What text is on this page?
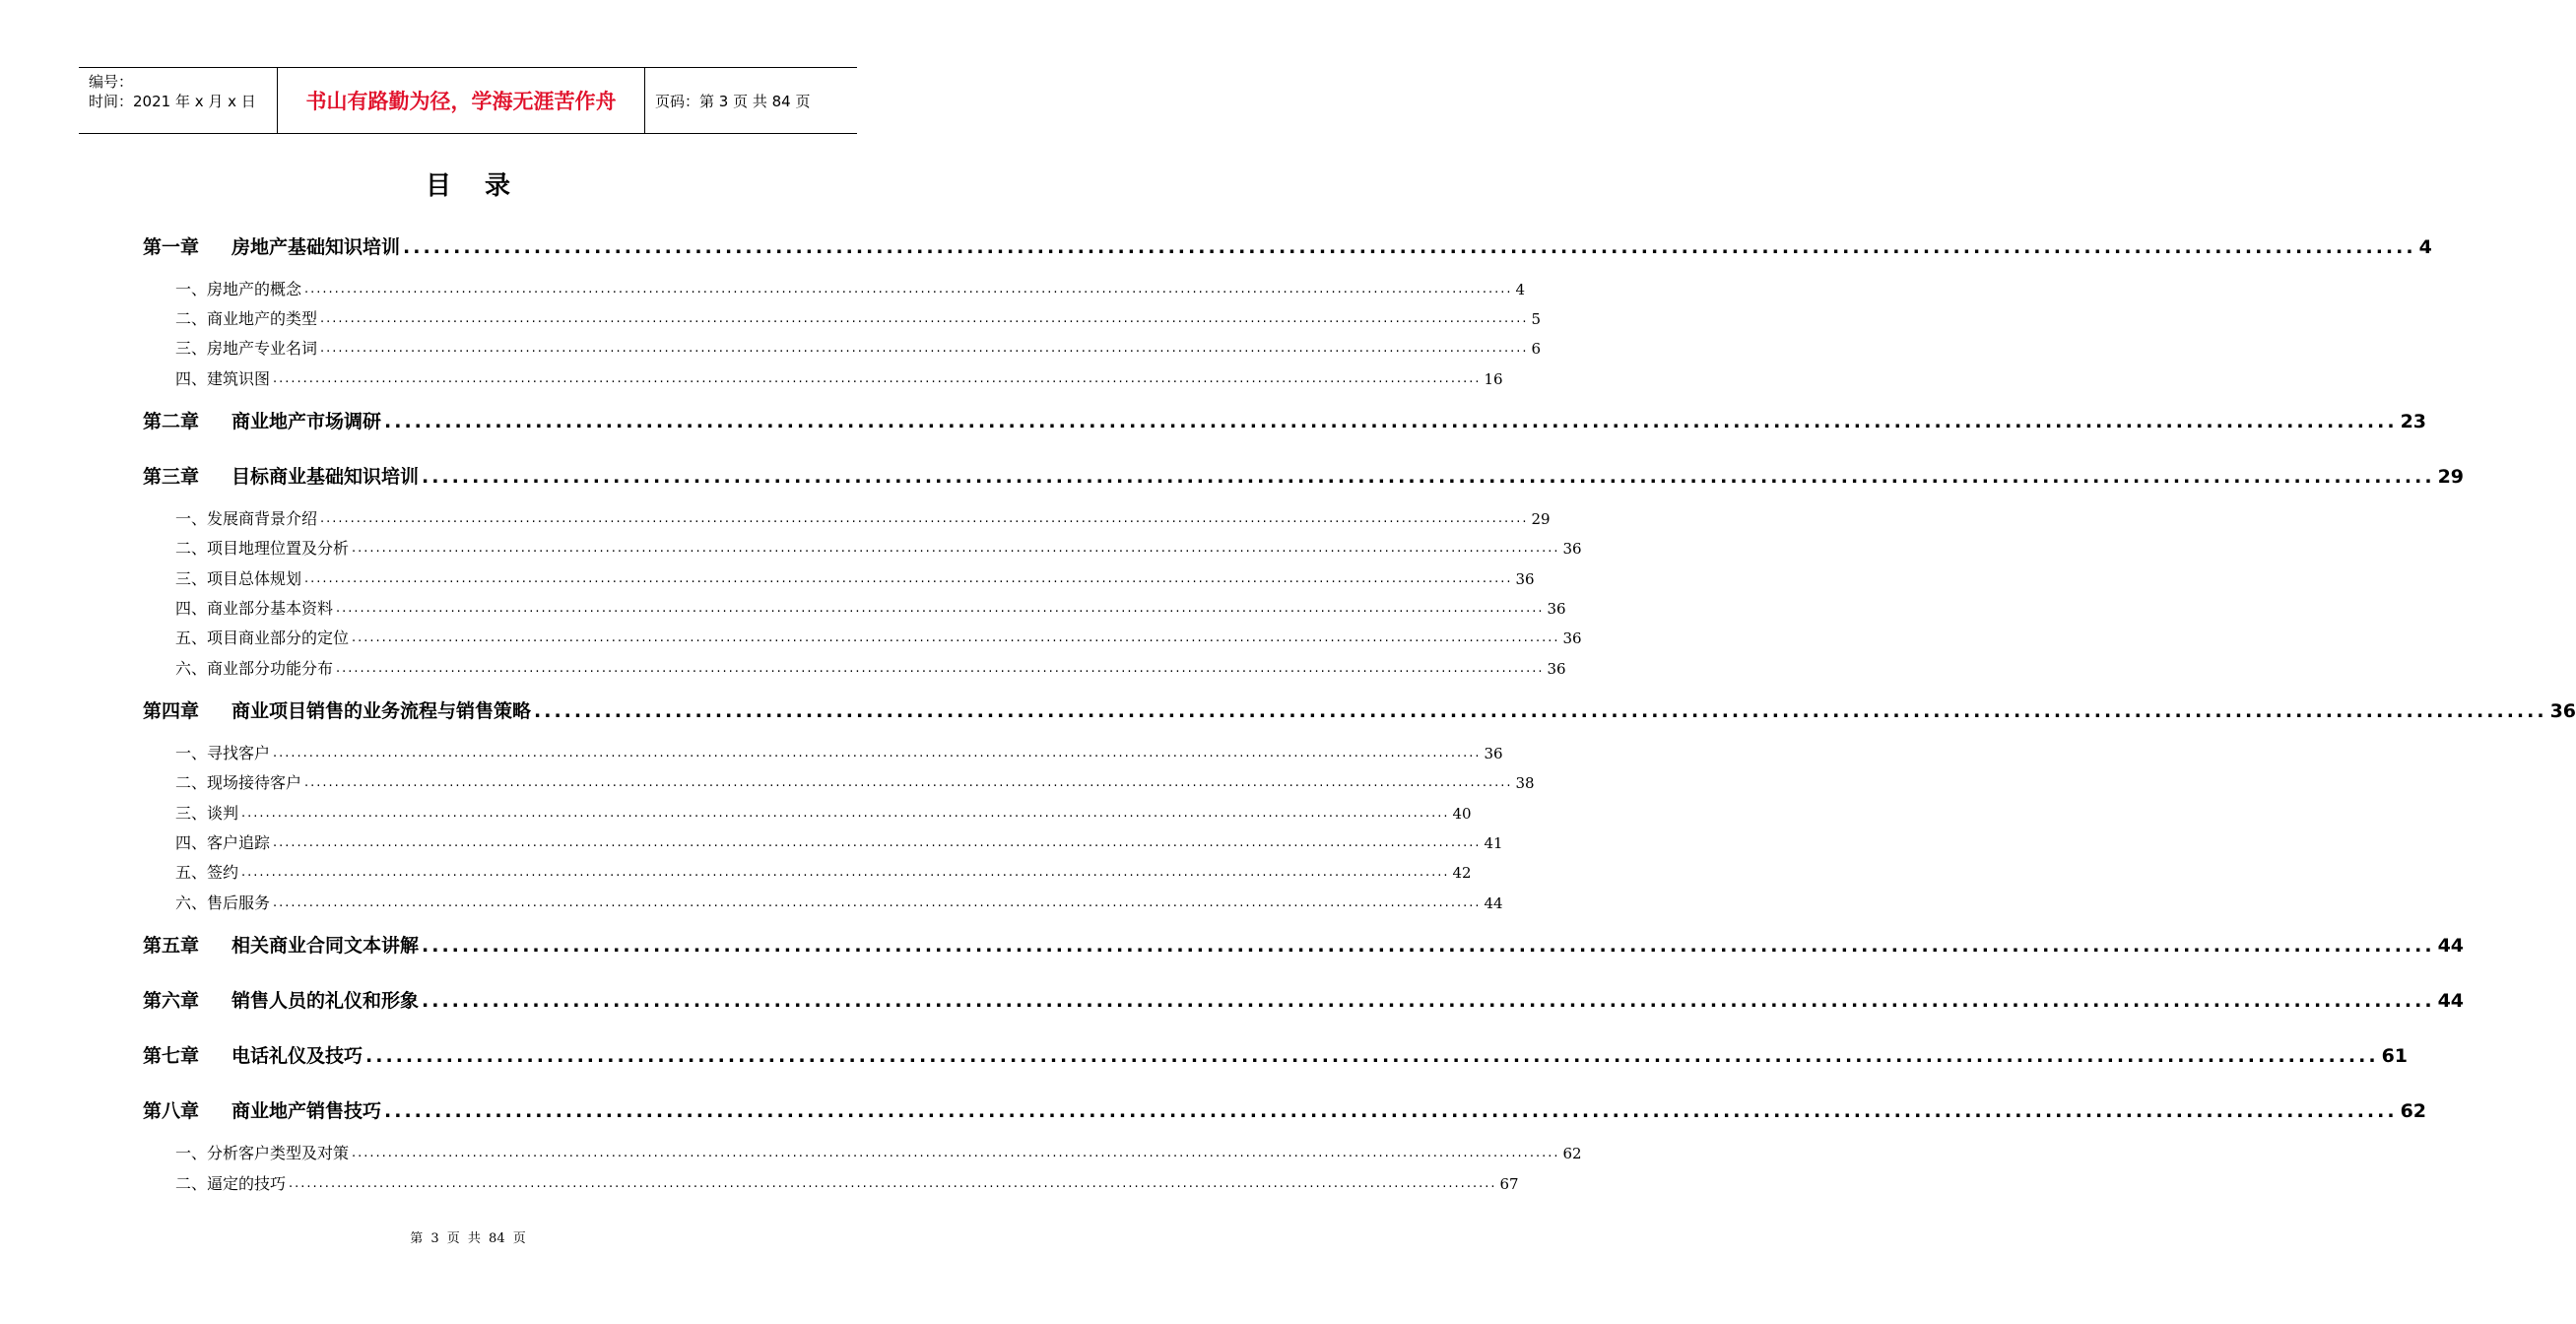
编号：
时间：2021 年 x 月 x 日	书山有路勤为径，学海无涯苦作舟	页码：第 3 页 共 84 页
目录
第一章 房地产基础知识培训 ........................................................................................................................................................................................................ 4
一、房地产的概念 ........................................................................................................................................................................................................ 4
二、商业地产的类型 ........................................................................................................................................................................................................ 5
三、房地产专业名词 ........................................................................................................................................................................................................ 6
四、建筑识图 ........................................................................................................................................................................................................ 16
第二章 商业地产市场调研 ........................................................................................................................................................................................................ 23
第三章 目标商业基础知识培训 ........................................................................................................................................................................................................ 29
一、发展商背景介绍 ........................................................................................................................................................................................................ 29
二、项目地理位置及分析 ........................................................................................................................................................................................................ 36
三、项目总体规划 ........................................................................................................................................................................................................ 36
四、商业部分基本资料 ........................................................................................................................................................................................................ 36
五、项目商业部分的定位 ........................................................................................................................................................................................................ 36
六、商业部分功能分布 ........................................................................................................................................................................................................ 36
第四章 商业项目销售的业务流程与销售策略 ........................................................................................................................................................................................................ 36
一、寻找客户 ........................................................................................................................................................................................................ 36
二、现场接待客户 ........................................................................................................................................................................................................ 38
三、谈判 ........................................................................................................................................................................................................ 40
四、客户追踪 ........................................................................................................................................................................................................ 41
五、签约 ........................................................................................................................................................................................................ 42
六、售后服务 ........................................................................................................................................................................................................ 44
第五章 相关商业合同文本讲解 ........................................................................................................................................................................................................ 44
第六章 销售人员的礼仪和形象 ........................................................................................................................................................................................................ 44
第七章 电话礼仪及技巧 ........................................................................................................................................................................................................ 61
第八章 商业地产销售技巧 ........................................................................................................................................................................................................ 62
一、分析客户类型及对策 ........................................................................................................................................................................................................ 62
二、逼定的技巧 ........................................................................................................................................................................................................ 67
第 3 页 共 84 页
